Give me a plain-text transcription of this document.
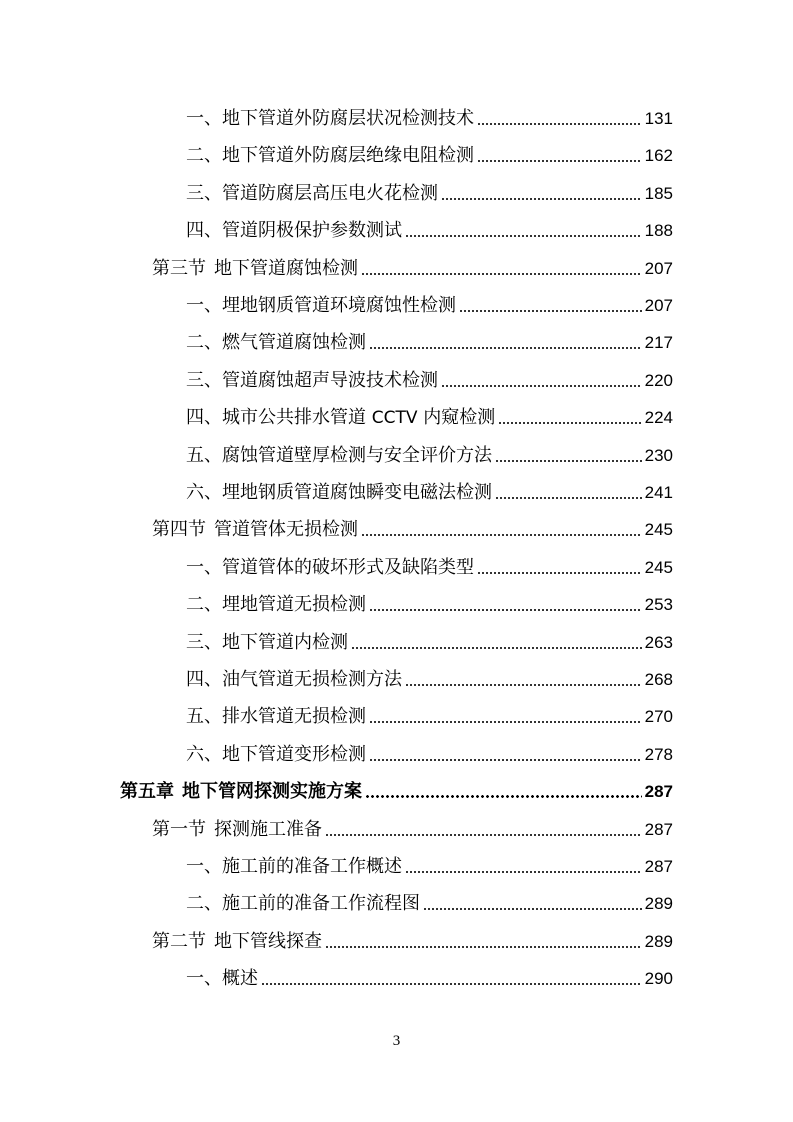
一、地下管道外防腐层状况检测技术	131
二、地下管道外防腐层绝缘电阻检测	162
三、管道防腐层高压电火花检测	185
四、管道阴极保护参数测试	188
第三节 地下管道腐蚀检测	207
一、埋地钢质管道环境腐蚀性检测	207
二、燃气管道腐蚀检测	217
三、管道腐蚀超声导波技术检测	220
四、城市公共排水管道 CCTV 内窥检测	224
五、腐蚀管道壁厚检测与安全评价方法	230
六、埋地钢质管道腐蚀瞬变电磁法检测	241
第四节 管道管体无损检测	245
一、管道管体的破坏形式及缺陷类型	245
二、埋地管道无损检测	253
三、地下管道内检测	263
四、油气管道无损检测方法	268
五、排水管道无损检测	270
六、地下管道变形检测	278
第五章 地下管网探测实施方案	287
第一节 探测施工准备	287
一、施工前的准备工作概述	287
二、施工前的准备工作流程图	289
第二节 地下管线探查	289
一、概述	290
3
